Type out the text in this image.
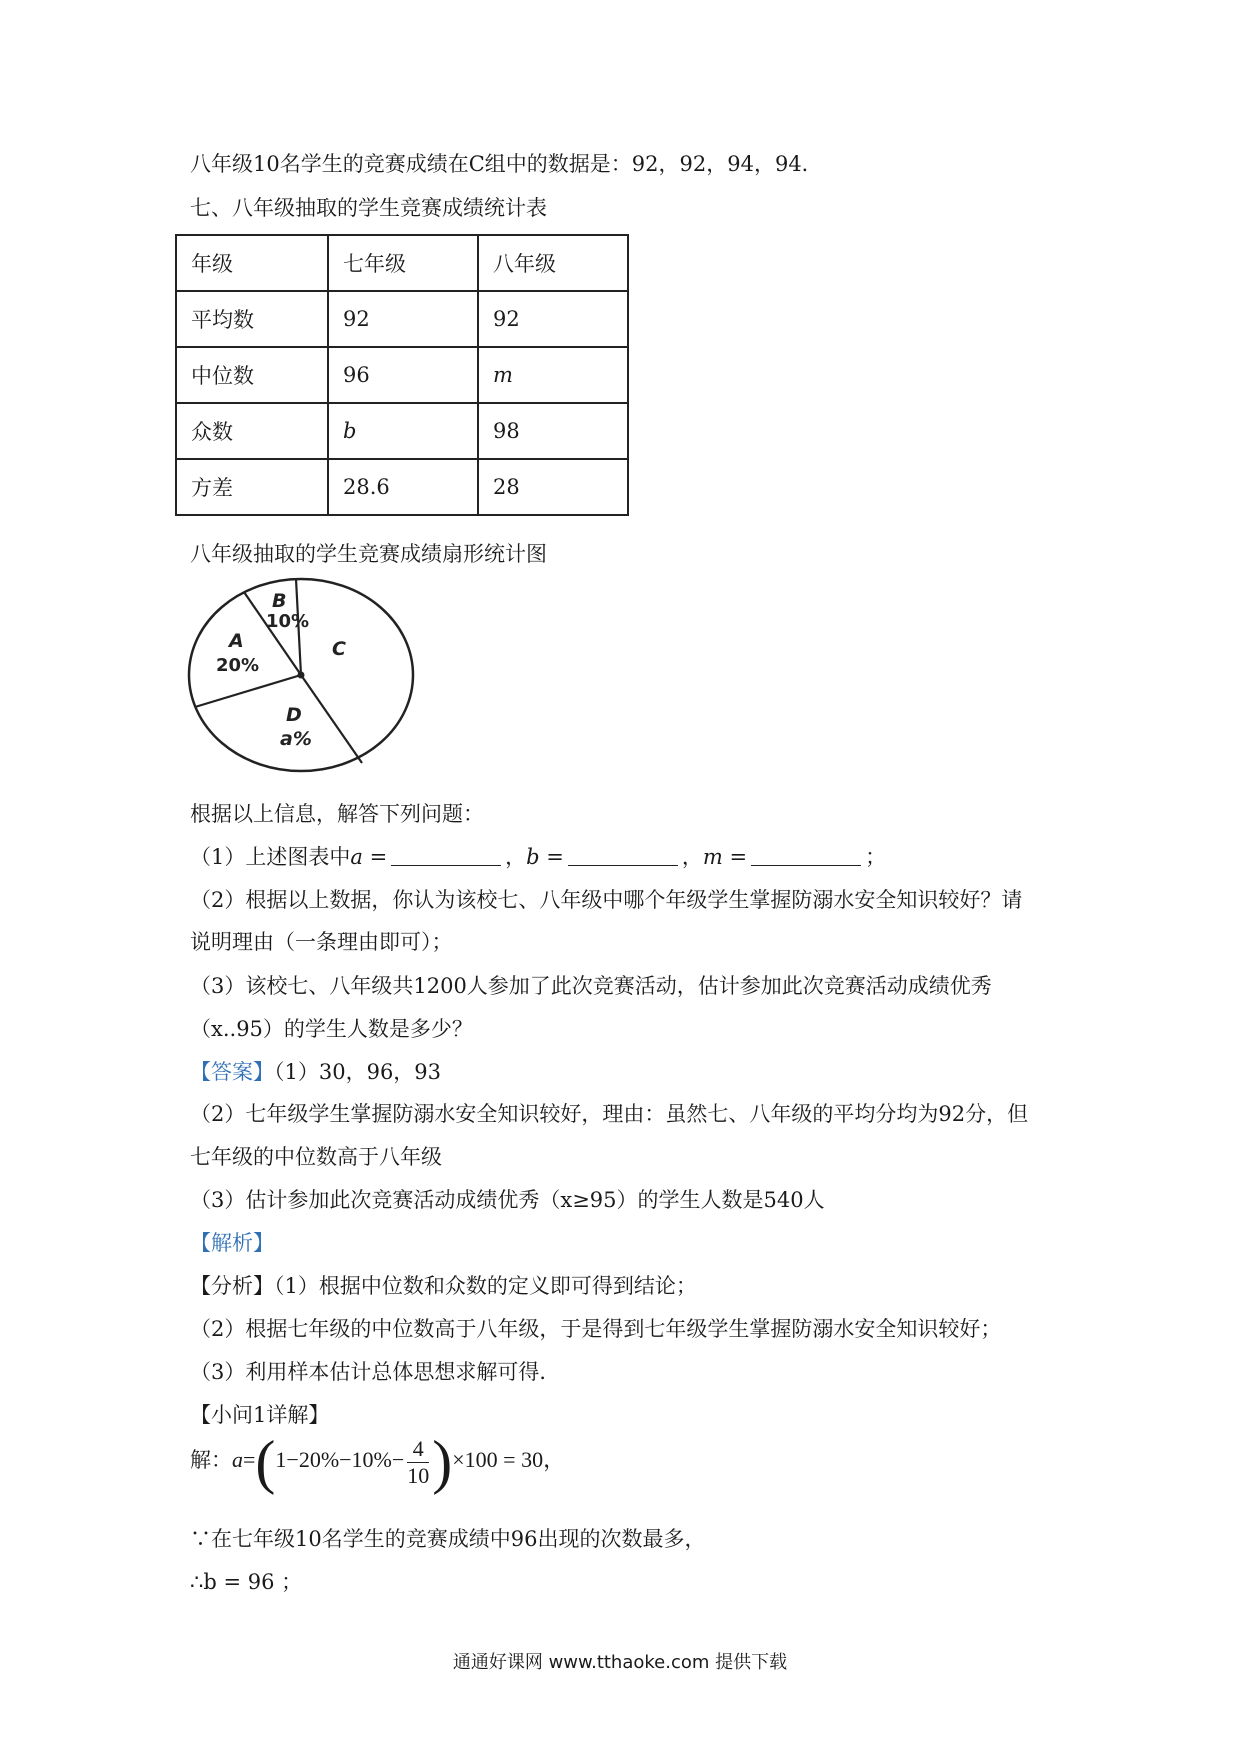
八年级10名学生的竞赛成绩在C组中的数据是：92，92，94，94．
七、八年级抽取的学生竞赛成绩统计表
年级	七年级	八年级
平均数	92	92
中位数	96	m
众数	b	98
方差	28.6	28
八年级抽取的学生竞赛成绩扇形统计图
B
10%
A
20%
C
D
a%
根据以上信息，解答下列问题：
（1）上述图表中a =	，b =	，m =	；
（2）根据以上数据，你认为该校七、八年级中哪个年级学生掌握防溺水安全知识较好？请
说明理由（一条理由即可）；
（3）该校七、八年级共1200人参加了此次竞赛活动，估计参加此次竞赛活动成绩优秀
（x..95）的学生人数是多少？
【答案】（1）30，96，93
（2）七年级学生掌握防溺水安全知识较好，理由：虽然七、八年级的平均分均为92分，但
七年级的中位数高于八年级
（3）估计参加此次竞赛活动成绩优秀（x≥95）的学生人数是540人
【解析】
【分析】（1）根据中位数和众数的定义即可得到结论；
（2）根据七年级的中位数高于八年级，于是得到七年级学生掌握防溺水安全知识较好；
（3）利用样本估计总体思想求解可得．
【小问1详解】
解：$a=(1-20\%-10\%- \frac{4}{10} )\times 100 = 30$，
∵在七年级10名学生的竞赛成绩中96出现的次数最多，
∴b = 96 ；
通通好课网 www.tthaoke.com 提供下载
